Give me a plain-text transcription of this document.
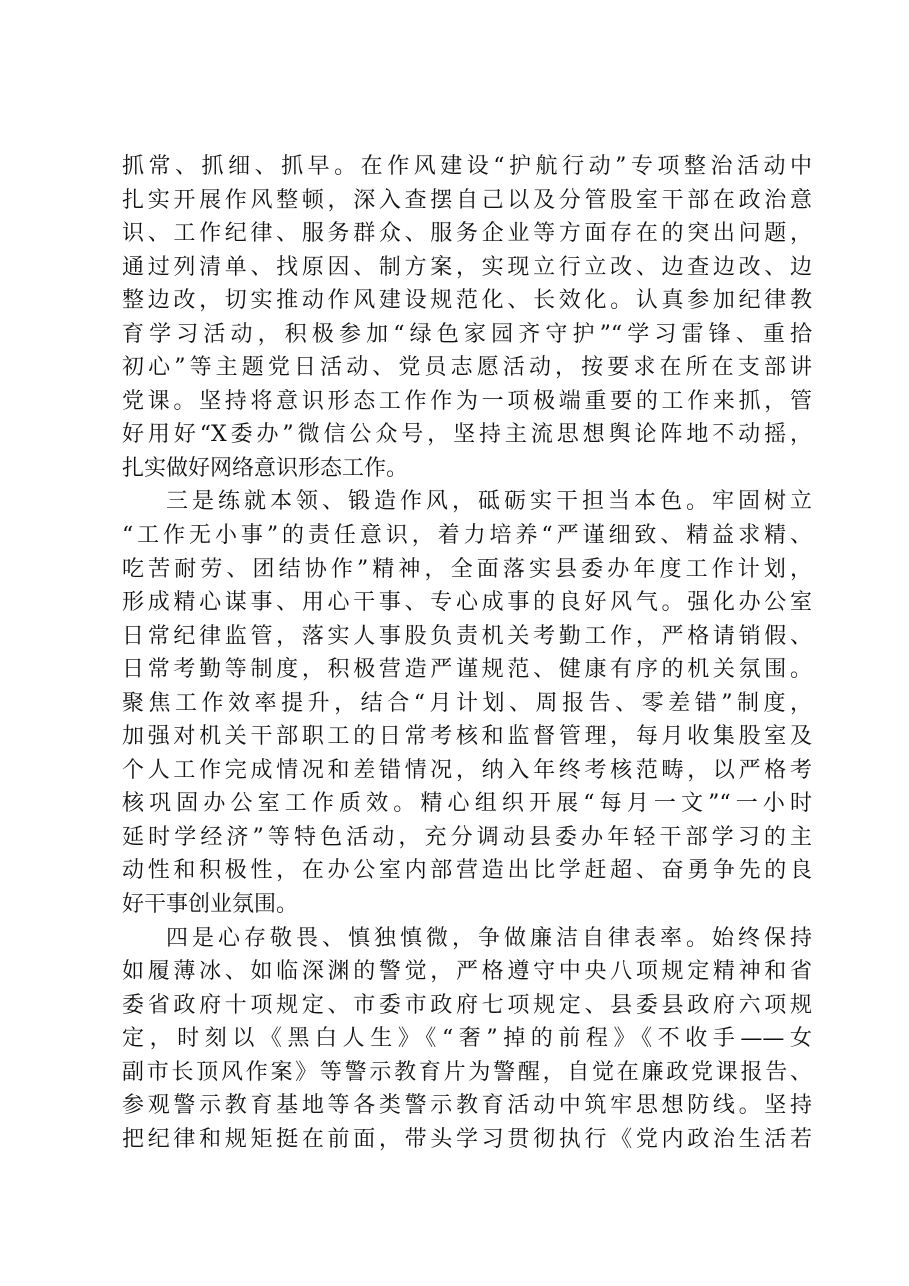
抓常、抓细、抓早。在作风建设“护航行动”专项整治活动中
扎实开展作风整顿，深入查摆自己以及分管股室干部在政治意
识、工作纪律、服务群众、服务企业等方面存在的突出问题，
通过列清单、找原因、制方案，实现立行立改、边查边改、边
整边改，切实推动作风建设规范化、长效化。认真参加纪律教
育学习活动，积极参加“绿色家园齐守护”“学习雷锋、重拾
初心”等主题党日活动、党员志愿活动，按要求在所在支部讲
党课。坚持将意识形态工作作为一项极端重要的工作来抓，管
好用好“X委办”微信公众号，坚持主流思想舆论阵地不动摇，
扎实做好网络意识形态工作。
三是练就本领、锻造作风，砥砺实干担当本色。牢固树立
“工作无小事”的责任意识，着力培养“严谨细致、精益求精、
吃苦耐劳、团结协作”精神，全面落实县委办年度工作计划，
形成精心谋事、用心干事、专心成事的良好风气。强化办公室
日常纪律监管，落实人事股负责机关考勤工作，严格请销假、
日常考勤等制度，积极营造严谨规范、健康有序的机关氛围。
聚焦工作效率提升，结合“月计划、周报告、零差错”制度，
加强对机关干部职工的日常考核和监督管理，每月收集股室及
个人工作完成情况和差错情况，纳入年终考核范畴，以严格考
核巩固办公室工作质效。精心组织开展“每月一文”“一小时
延时学经济”等特色活动，充分调动县委办年轻干部学习的主
动性和积极性，在办公室内部营造出比学赶超、奋勇争先的良
好干事创业氛围。
四是心存敬畏、慎独慎微，争做廉洁自律表率。始终保持
如履薄冰、如临深渊的警觉，严格遵守中央八项规定精神和省
委省政府十项规定、市委市政府七项规定、县委县政府六项规
定，时刻以《黑白人生》《“奢”掉的前程》《不收手——女
副市长顶风作案》等警示教育片为警醒，自觉在廉政党课报告、
参观警示教育基地等各类警示教育活动中筑牢思想防线。坚持
把纪律和规矩挺在前面，带头学习贯彻执行《党内政治生活若
